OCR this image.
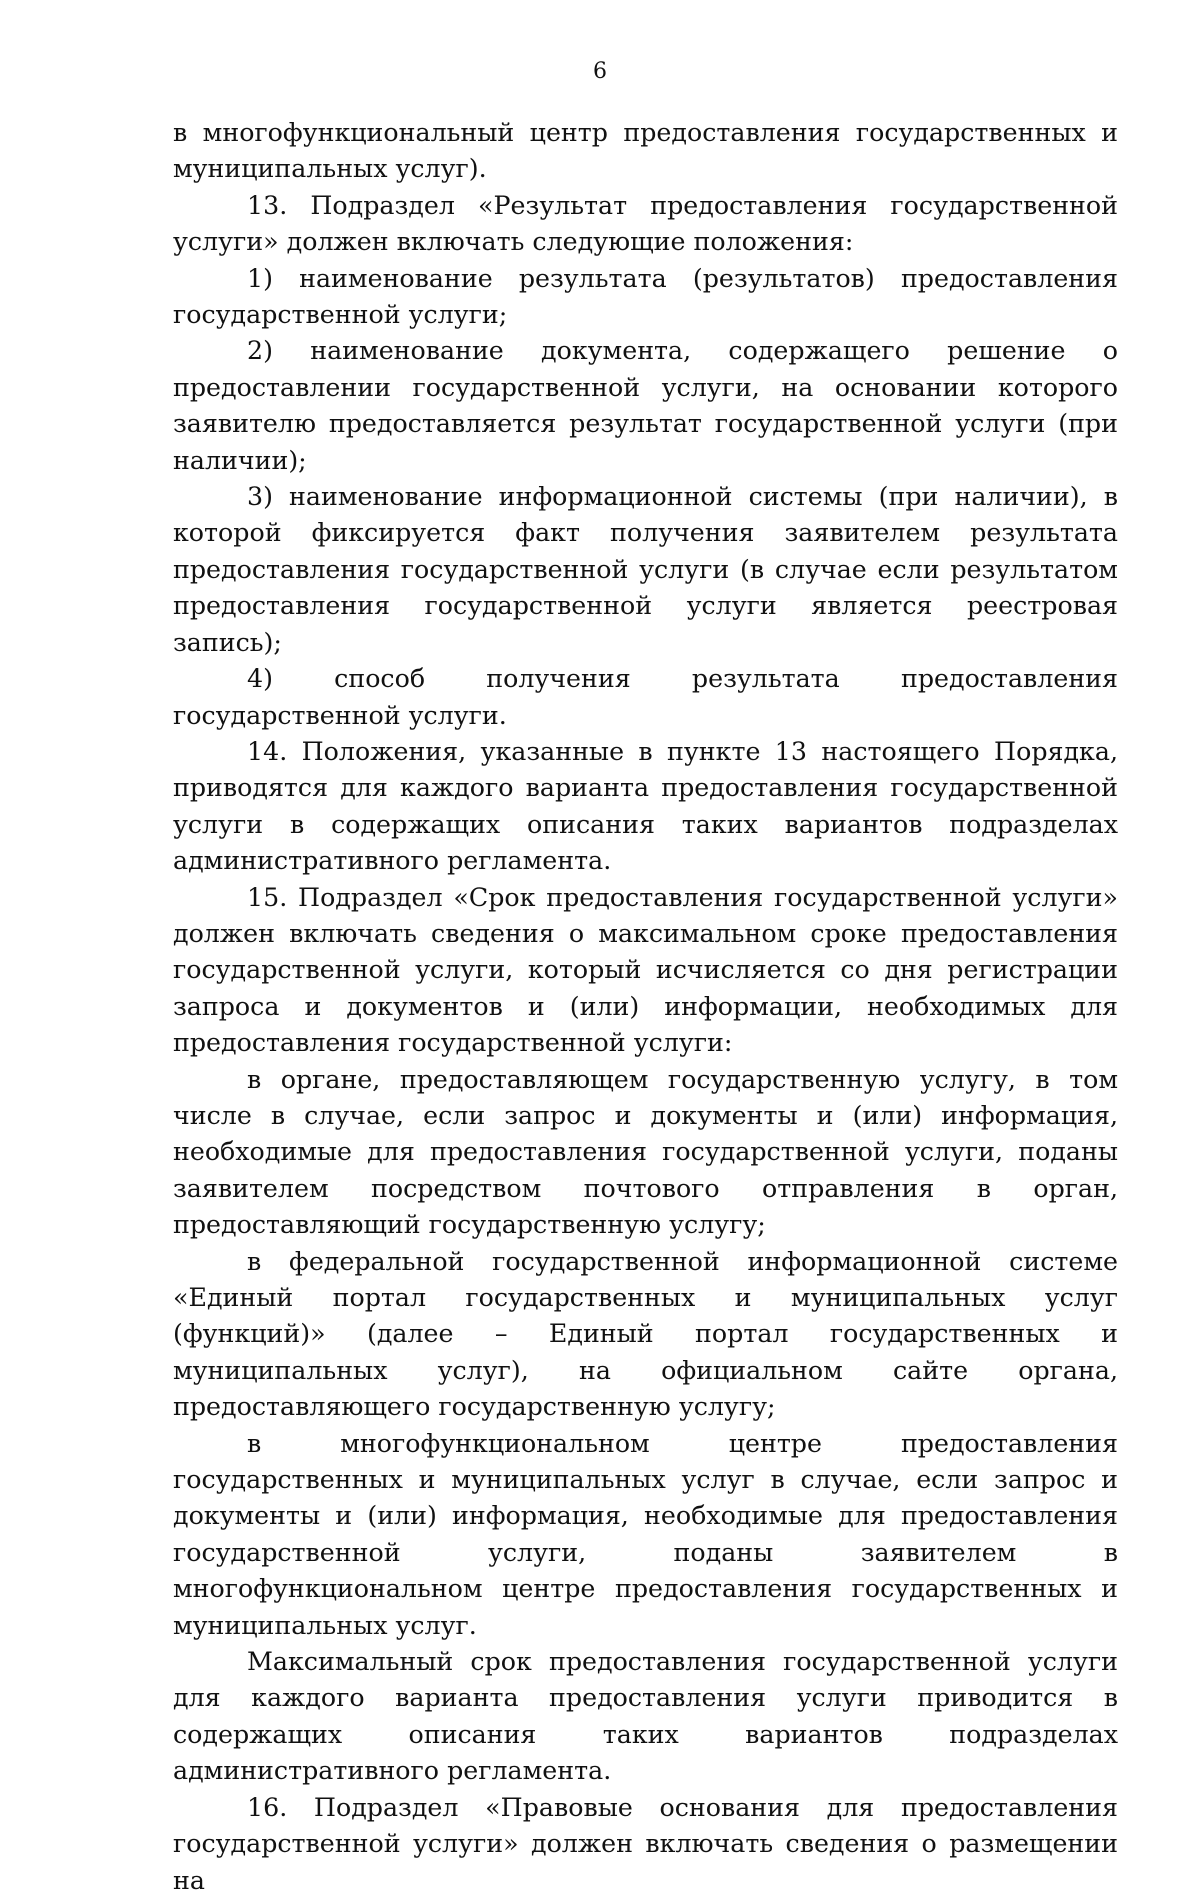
6

в многофункциональный центр предоставления государственных и муниципальных услуг).

13. Подраздел «Результат предоставления государственной услуги» должен включать следующие положения:

1) наименование результата (результатов) предоставления государственной услуги;

2) наименование документа, содержащего решение о предоставлении государственной услуги, на основании которого заявителю предоставляется результат государственной услуги (при наличии);

3) наименование информационной системы (при наличии), в которой фиксируется факт получения заявителем результата предоставления государственной услуги (в случае если результатом предоставления государственной услуги является реестровая запись);

4) способ получения результата предоставления государственной услуги.

14. Положения, указанные в пункте 13 настоящего Порядка, приводятся для каждого варианта предоставления государственной услуги в содержащих описания таких вариантов подразделах административного регламента.

15. Подраздел «Срок предоставления государственной услуги» должен включать сведения о максимальном сроке предоставления государственной услуги, который исчисляется со дня регистрации запроса и документов и (или) информации, необходимых для предоставления государственной услуги:

в органе, предоставляющем государственную услугу, в том числе в случае, если запрос и документы и (или) информация, необходимые для предоставления государственной услуги, поданы заявителем посредством почтового отправления в орган, предоставляющий государственную услугу;

в федеральной государственной информационной системе «Единый портал государственных и муниципальных услуг (функций)» (далее – Единый портал государственных и муниципальных услуг), на официальном сайте органа, предоставляющего государственную услугу;

в многофункциональном центре предоставления государственных и муниципальных услуг в случае, если запрос и документы и (или) информация, необходимые для предоставления государственной услуги, поданы заявителем в многофункциональном центре предоставления государственных и муниципальных услуг.

Максимальный срок предоставления государственной услуги для каждого варианта предоставления услуги приводится в содержащих описания таких вариантов подразделах административного регламента.

16. Подраздел «Правовые основания для предоставления государственной услуги» должен включать сведения о размещении на
